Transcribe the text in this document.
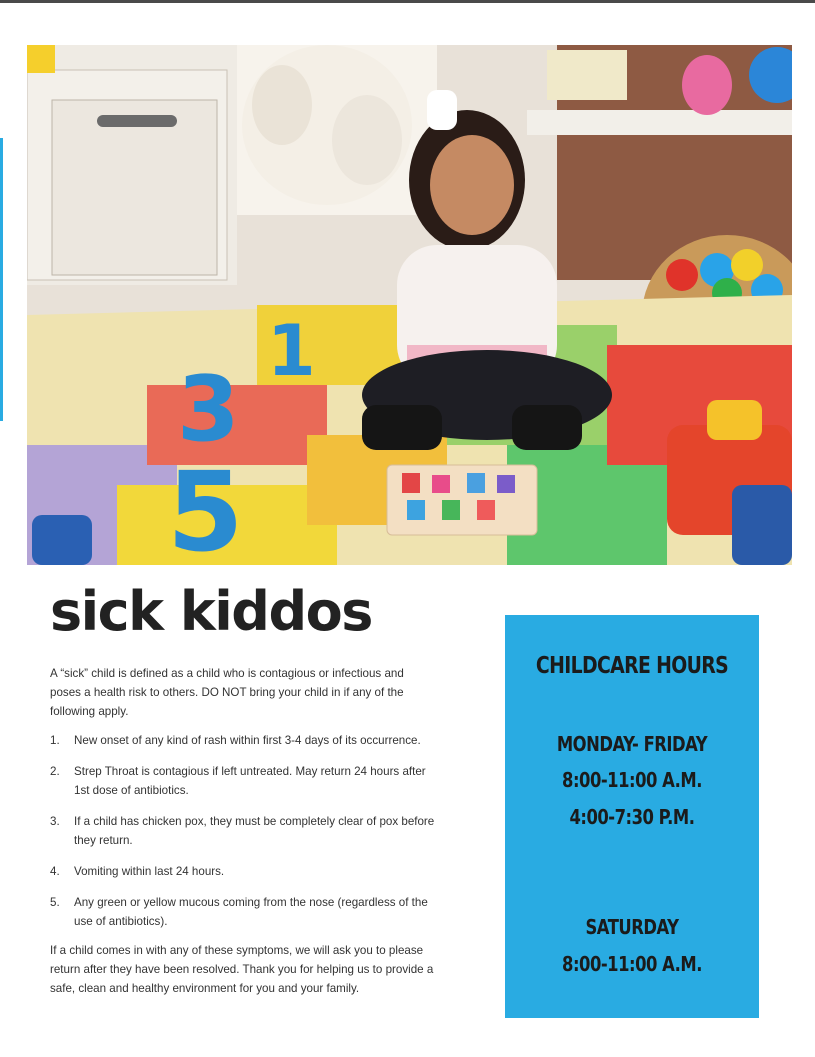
5
3
1
sick kiddos

A “sick” child is defined as a child who is contagious or infectious and poses a health risk to others. DO NOT bring your child in if any of the following apply.

1. New onset of any kind of rash within first 3-4 days of its occurrence.
2. Strep Throat is contagious if left untreated. May return 24 hours after 1st dose of antibiotics.
3. If a child has chicken pox, they must be completely clear of pox before they return.
4. Vomiting within last 24 hours.
5. Any green or yellow mucous coming from the nose (regardless of the use of antibiotics).

If a child comes in with any of these symptoms, we will ask you to please return after they have been resolved. Thank you for helping us to provide a safe, clean and healthy environment for you and your family.

CHILDCARE HOURS
MONDAY- FRIDAY
8:00-11:00 A.M.
4:00-7:30 P.M.
SATURDAY
8:00-11:00 A.M.
